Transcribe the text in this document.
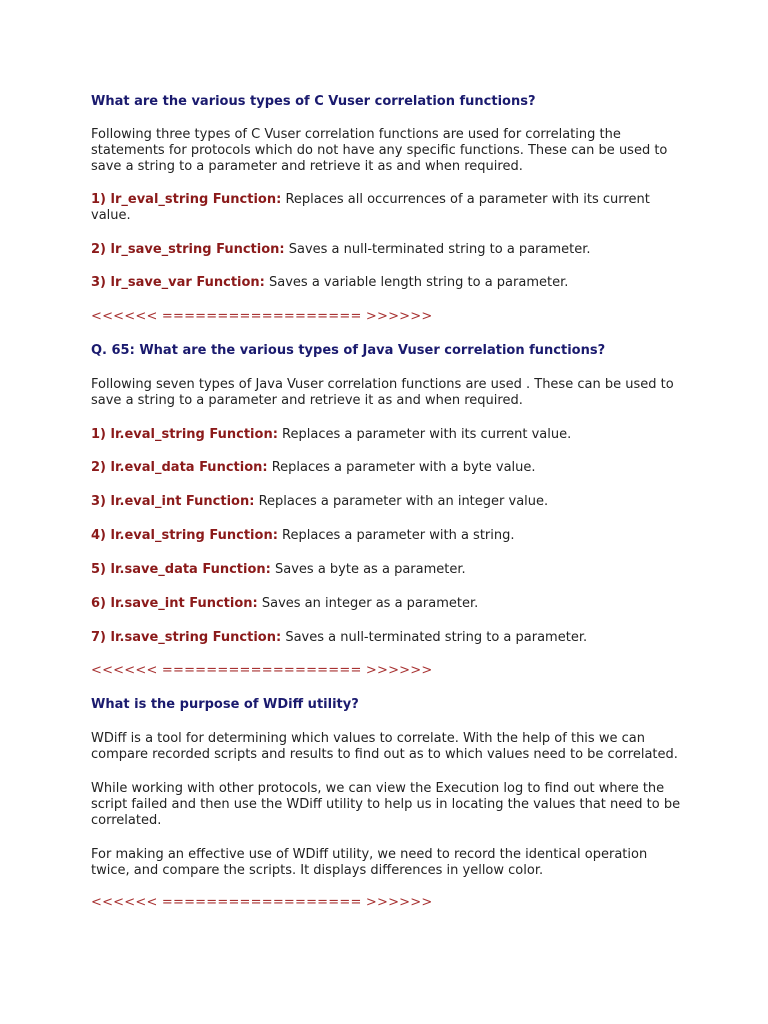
What are the various types of C Vuser correlation functions?
Following three types of C Vuser correlation functions are used for correlating the statements for protocols which do not have any specific functions. These can be used to save a string to a parameter and retrieve it as and when required.
1) lr_eval_string Function: Replaces all occurrences of a parameter with its current value.
2) lr_save_string Function: Saves a null-terminated string to a parameter.
3) lr_save_var Function: Saves a variable length string to a parameter.
<<<<<< ================== >>>>>>
Q. 65: What are the various types of Java Vuser correlation functions?
Following seven types of Java Vuser correlation functions are used . These can be used to save a string to a parameter and retrieve it as and when required.
1) lr.eval_string Function: Replaces a parameter with its current value.
2) lr.eval_data Function: Replaces a parameter with a byte value.
3) lr.eval_int Function: Replaces a parameter with an integer value.
4) lr.eval_string Function: Replaces a parameter with a string.
5) lr.save_data Function: Saves a byte as a parameter.
6) lr.save_int Function: Saves an integer as a parameter.
7) lr.save_string Function: Saves a null-terminated string to a parameter.
<<<<<< ================== >>>>>>
What is the purpose of WDiff utility?
WDiff is a tool for determining which values to correlate. With the help of this we can compare recorded scripts and results to find out as to which values need to be correlated.
While working with other protocols, we can view the Execution log to find out where the script failed and then use the WDiff utility to help us in locating the values that need to be correlated.
For making an effective use of WDiff utility, we need to record the identical operation twice, and compare the scripts. It displays differences in yellow color.
<<<<<< ================== >>>>>>
